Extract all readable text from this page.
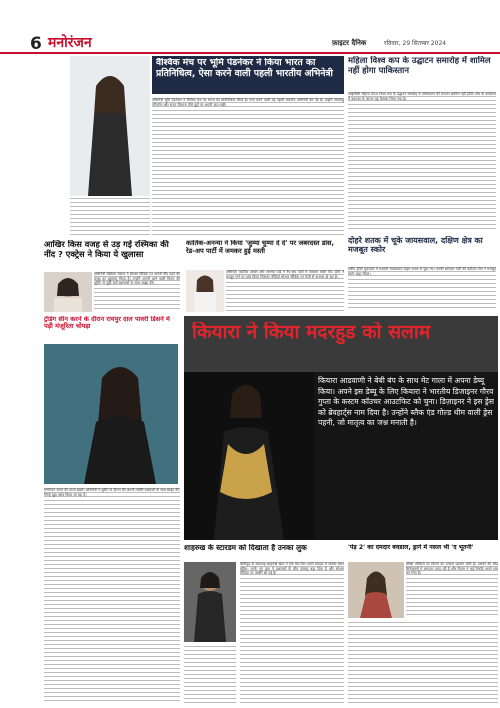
6 मनोरंजन	फ़ाइटर दैनिक	रविवार, 29 सितम्बर 2024
वैश्विक मंच पर भूमि पेडनेकर ने किया भारत का प्रतिनिधित्व, ऐसा करने वाली पहली भारतीय अभिनेत्री
अभिनेत्री भूमि पेडनेकर ने वैश्विक मंच पर भारत का प्रतिनिधित्व किया है। ऐसा करने वाली वह पहली भारतीय अभिनेत्री बन गई हैं। उन्होंने जलवायु परिवर्तन और सतत विकास जैसे मुद्दों पर अपनी बात रखी।
महिला विश्व कप के उद्घाटन समारोह में शामिल नहीं होगा पाकिस्तान
आईसीसी महिला टी20 विश्व कप के उद्घाटन समारोह में पाकिस्तान की कप्तान शामिल नहीं होंगी। टीम के कार्यक्रम में बदलाव के कारण यह फैसला लिया गया है।
दोहरे शतक में चूके जायसवाल, दक्षिण क्षेत्र का मजबूत स्कोर
दलीप ट्रॉफी मुकाबले में यशस्वी जायसवाल दोहरे शतक से चूक गए। उनकी शानदार पारी की बदौलत टीम ने मजबूत स्कोर खड़ा किया।
आखिर किस वजह से उड़ गई रश्मिका की नींद ? एक्ट्रेस ने किया ये खुलासा
अभिनेत्री रश्मिका मंदाना ने सोशल मीडिया पर अपनी नींद उड़ने की वजह का खुलासा किया है। उन्होंने अपनी आने वाली फिल्म की शूटिंग से जुड़ी बातें प्रशंसकों के साथ साझा कीं।
कार्तिक-अनन्या ने किया 'जुम्मा चुम्मा दे दे' पर जबरदस्त डांस, रेड-अप पार्टी में जमकर हुई मस्ती
अभिनेता कार्तिक आर्यन और अनन्या पांडे ने रैप-अप पार्टी में जमकर मस्ती की। दोनों ने मशहूर गाने पर डांस किया जिसका वीडियो सोशल मीडिया पर तेजी से वायरल हो रहा है।
ट्रेंडिंग सीन करने के दौरान रायपुर दाल पावरी डिसने में पड़ी मंजूरिता चोपड़ा
मनोरंजन जगत की ताज़ा खबरें। अभिनेत्री ने शूटिंग के दौरान की अपनी तस्वीरें प्रशंसकों के साथ साझा कीं, जिन्हें खूब पसंद किया जा रहा है।
कियारा ने किया मदरहुड को सलाम
कियारा आडवाणी ने बेबी बंप के साथ मेट गाला में अपना डेब्यू किया। अपने इस डेब्यू के लिए कियारा ने भारतीय डिजाइनर गौरव गुप्ता के कस्टम कॉउचर आउटफिट को चुना। डिज़ाइनर ने इस ड्रेस को ब्रेवहार्ट्स नाम दिया है। उन्होंने ब्लैक एंड गोल्ड थीम वाली ड्रेस पहनी, जो मातृत्व का जश्न मनाती है।
शाहरुख के स्टारडम को दिखाता है उनका लुक
बॉलीवुड के बादशाह शाहरुख खान ने एक बार फिर अपने स्टाइल से सबका ध्यान खींचा। उनके नए लुक ने प्रशंसकों के बीच उत्साह बढ़ा दिया है और सोशल मीडिया पर तस्वीरें छा गई हैं।
'पेड़ 2' का दमदार बवडाल, ड्राने में नसल भी 'द भूतनी'
बॉक्स ऑफिस पर फिल्म का दमदार प्रदर्शन जारी है। दर्शकों की भीड़ सिनेमाघरों में लगातार उमड़ रही है और फिल्म ने कई रिकॉर्ड अपने नाम कर लिए हैं।
